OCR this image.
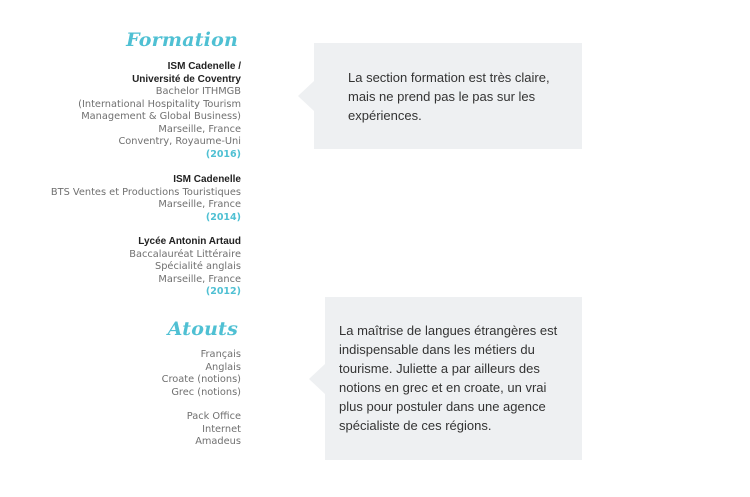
Formation
ISM Cadenelle /
Université de Coventry
Bachelor ITHMGB
(International Hospitality Tourism
Management & Global Business)
Marseille, France
Conventry, Royaume-Uni
(2016)
ISM Cadenelle
BTS Ventes et Productions Touristiques
Marseille, France
(2014)
Lycée Antonin Artaud
Baccalauréat Littéraire
Spécialité anglais
Marseille, France
(2012)
Atouts
Français
Anglais
Croate (notions)
Grec (notions)
Pack Office
Internet
Amadeus
La section formation est très claire, mais ne prend pas le pas sur les expériences.
La maîtrise de langues étrangères est indispensable dans les métiers du tourisme. Juliette a par ailleurs des notions en grec et en croate, un vrai plus pour postuler dans une agence spécialiste de ces régions.
